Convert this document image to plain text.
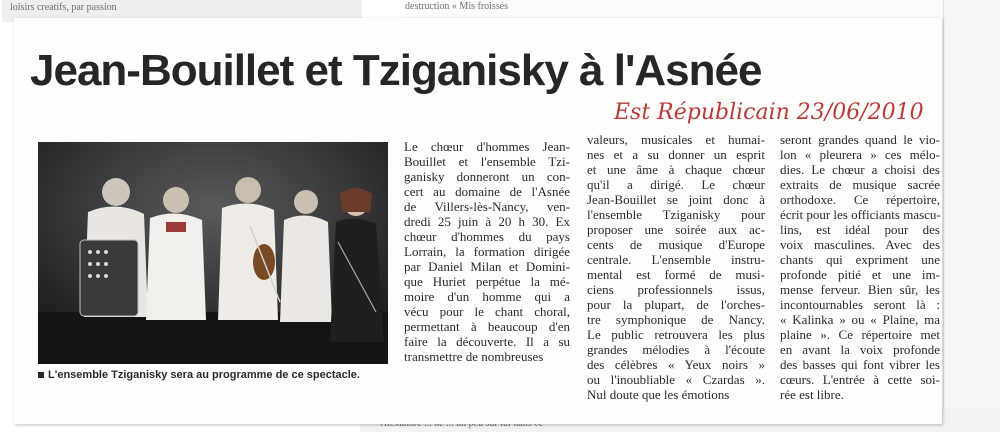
loisirs creatifs, par passion	destruction « Mis froissés
Jean-Bouillet et Tziganisky à l'Asnée
Est Républicain 23/06/2010
L'ensemble Tziganisky sera au programme de ce spectacle.

Le chœur d'hommes Jean-

Bouillet et l'ensemble Tzi-

ganisky donneront un con-

cert au domaine de l'Asnée

de Villers-lès-Nancy, ven-

dredi 25 juin à 20 h 30. Ex

chœur d'hommes du pays

Lorrain, la formation dirigée

par Daniel Milan et Domini-

que Huriet perpétue la mé-

moire d'un homme qui a

vécu pour le chant choral,

permettant à beaucoup d'en

faire la découverte. Il a su

transmettre de nombreuses

valeurs, musicales et humai-

nes et a su donner un esprit

et une âme à chaque chœur

qu'il a dirigé. Le chœur

Jean-Bouillet se joint donc à

l'ensemble Tziganisky pour

proposer une soirée aux ac-

cents de musique d'Europe

centrale. L'ensemble instru-

mental est formé de musi-

ciens professionnels issus,

pour la plupart, de l'orches-

tre symphonique de Nancy.

Le public retrouvera les plus

grandes mélodies à l'écoute

des célèbres « Yeux noirs »

ou l'inoubliable « Czardas ».

Nul doute que les émotions

seront grandes quand le vio-

lon « pleurera » ces mélo-

dies. Le chœur a choisi des

extraits de musique sacrée

orthodoxe. Ce répertoire,

écrit pour les officiants mascu-

lins, est idéal pour des

voix masculines. Avec des

chants qui expriment une

profonde pitié et une im-

mense ferveur. Bien sûr, les

incontournables seront là :

« Kalinka » ou « Plaine, ma

plaine ». Ce répertoire met

en avant la voix profonde

des basses qui font vibrer les

cœurs. L'entrée à cette soi-

rée est libre.
